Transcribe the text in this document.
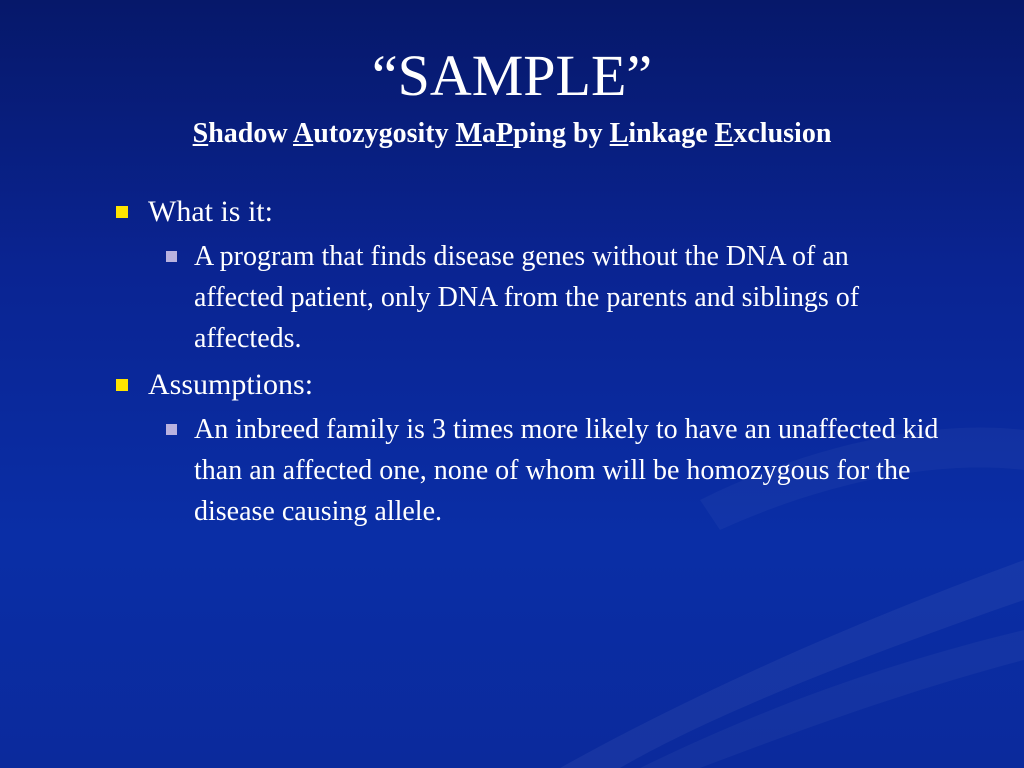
“SAMPLE”
Shadow Autozygosity MaPping by Linkage Exclusion
What is it:
A program that finds disease genes without the DNA of an affected patient, only DNA from the parents and siblings of affecteds.
Assumptions:
An inbreed family is 3 times more likely to have an unaffected kid than an affected one, none of whom will be homozygous for the disease causing allele.
